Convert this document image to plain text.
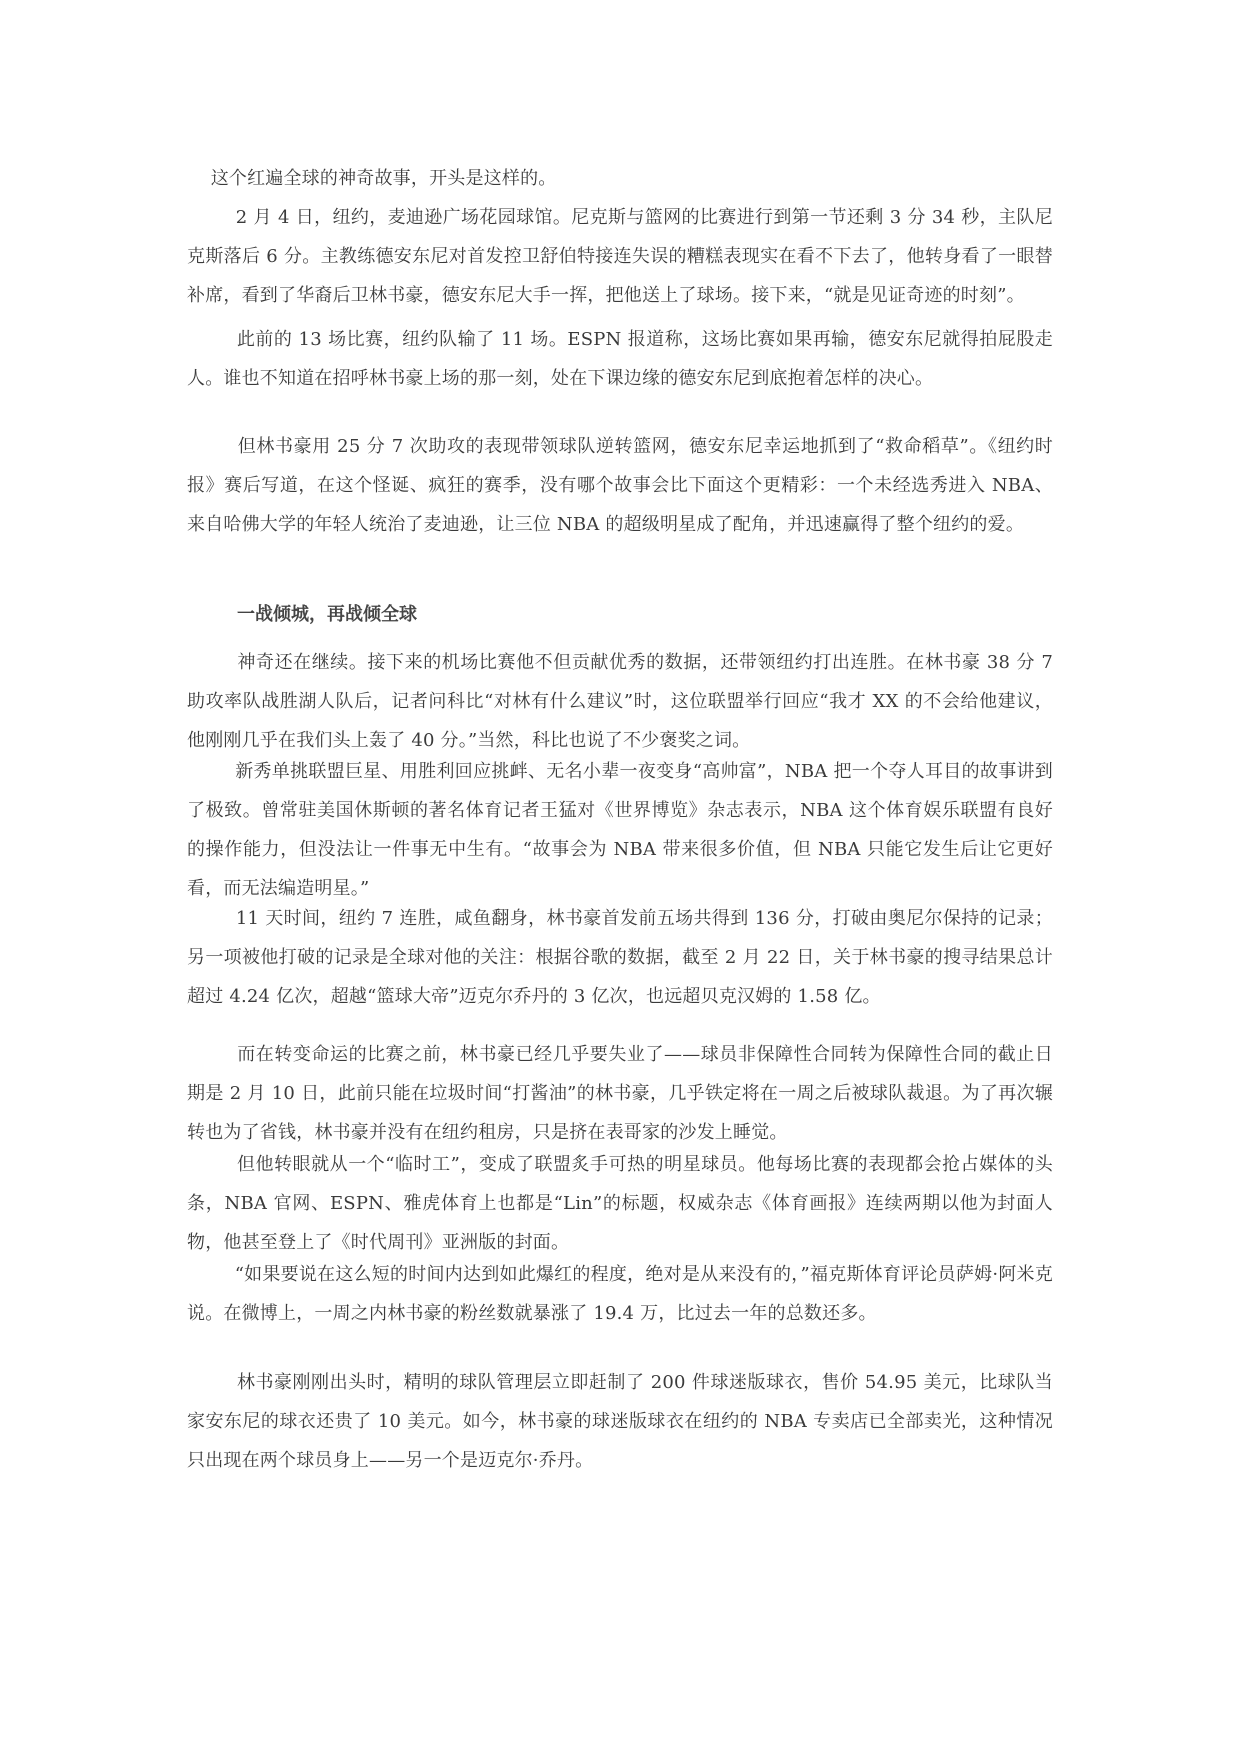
这个红遍全球的神奇故事，开头是这样的。

2 月 4 日，纽约，麦迪逊广场花园球馆。尼克斯与篮网的比赛进行到第一节还剩 3 分 34 秒，主队尼克斯落后 6 分。主教练德安东尼对首发控卫舒伯特接连失误的糟糕表现实在看不下去了，他转身看了一眼替补席，看到了华裔后卫林书豪，德安东尼大手一挥，把他送上了球场。接下来，“就是见证奇迹的时刻”。

此前的 13 场比赛，纽约队输了 11 场。ESPN 报道称，这场比赛如果再输，德安东尼就得拍屁股走人。谁也不知道在招呼林书豪上场的那一刻，处在下课边缘的德安东尼到底抱着怎样的决心。

但林书豪用 25 分 7 次助攻的表现带领球队逆转篮网，德安东尼幸运地抓到了“救命稻草”。《纽约时报》赛后写道，在这个怪诞、疯狂的赛季，没有哪个故事会比下面这个更精彩：一个未经选秀进入 NBA、来自哈佛大学的年轻人统治了麦迪逊，让三位 NBA 的超级明星成了配角，并迅速赢得了整个纽约的爱。

一战倾城，再战倾全球

神奇还在继续。接下来的机场比赛他不但贡献优秀的数据，还带领纽约打出连胜。在林书豪 38 分 7 助攻率队战胜湖人队后，记者问科比“对林有什么建议”时，这位联盟举行回应“我才 XX 的不会给他建议，他刚刚几乎在我们头上轰了 40 分。”当然，科比也说了不少褒奖之词。

新秀单挑联盟巨星、用胜利回应挑衅、无名小辈一夜变身“高帅富”，NBA 把一个夺人耳目的故事讲到了极致。曾常驻美国休斯顿的著名体育记者王猛对《世界博览》杂志表示，NBA 这个体育娱乐联盟有良好的操作能力，但没法让一件事无中生有。“故事会为 NBA 带来很多价值，但 NBA 只能它发生后让它更好看，而无法编造明星。”

11 天时间，纽约 7 连胜，咸鱼翻身，林书豪首发前五场共得到 136 分，打破由奥尼尔保持的记录；另一项被他打破的记录是全球对他的关注：根据谷歌的数据，截至 2 月 22 日，关于林书豪的搜寻结果总计超过 4.24 亿次，超越“篮球大帝”迈克尔乔丹的 3 亿次，也远超贝克汉姆的 1.58 亿。

而在转变命运的比赛之前，林书豪已经几乎要失业了——球员非保障性合同转为保障性合同的截止日期是 2 月 10 日，此前只能在垃圾时间“打酱油”的林书豪，几乎铁定将在一周之后被球队裁退。为了再次辗转也为了省钱，林书豪并没有在纽约租房，只是挤在表哥家的沙发上睡觉。

但他转眼就从一个“临时工”，变成了联盟炙手可热的明星球员。他每场比赛的表现都会抢占媒体的头条，NBA 官网、ESPN、雅虎体育上也都是“Lin”的标题，权威杂志《体育画报》连续两期以他为封面人物，他甚至登上了《时代周刊》亚洲版的封面。

“如果要说在这么短的时间内达到如此爆红的程度，绝对是从来没有的，”福克斯体育评论员萨姆·阿米克说。在微博上，一周之内林书豪的粉丝数就暴涨了 19.4 万，比过去一年的总数还多。

林书豪刚刚出头时，精明的球队管理层立即赶制了 200 件球迷版球衣，售价 54.95 美元，比球队当家安东尼的球衣还贵了 10 美元。如今，林书豪的球迷版球衣在纽约的 NBA 专卖店已全部卖光，这种情况只出现在两个球员身上——另一个是迈克尔·乔丹。
